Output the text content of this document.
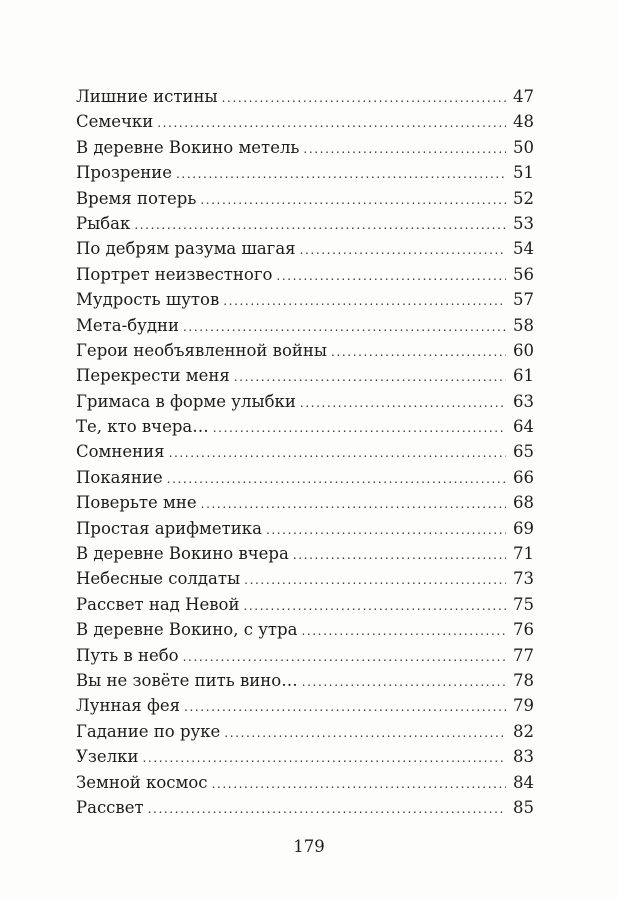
Лишние истины .....	47
Семечки .....	48
В деревне Вокино метель .....	50
Прозрение .....	51
Время потерь .....	52
Рыбак .....	53
По дебрям разума шагая .....	54
Портрет неизвестного .....	56
Мудрость шутов .....	57
Мета-будни .....	58
Герои необъявленной войны .....	60
Перекрести меня .....	61
Гримаса в форме улыбки .....	63
Те, кто вчера… .....	64
Сомнения .....	65
Покаяние .....	66
Поверьте мне .....	68
Простая арифметика .....	69
В деревне Вокино вчера .....	71
Небесные солдаты .....	73
Рассвет над Невой .....	75
В деревне Вокино, с утра .....	76
Путь в небо .....	77
Вы не зовёте пить вино… .....	78
Лунная фея .....	79
Гадание по руке .....	82
Узелки .....	83
Земной космос .....	84
Рассвет .....	85
179
